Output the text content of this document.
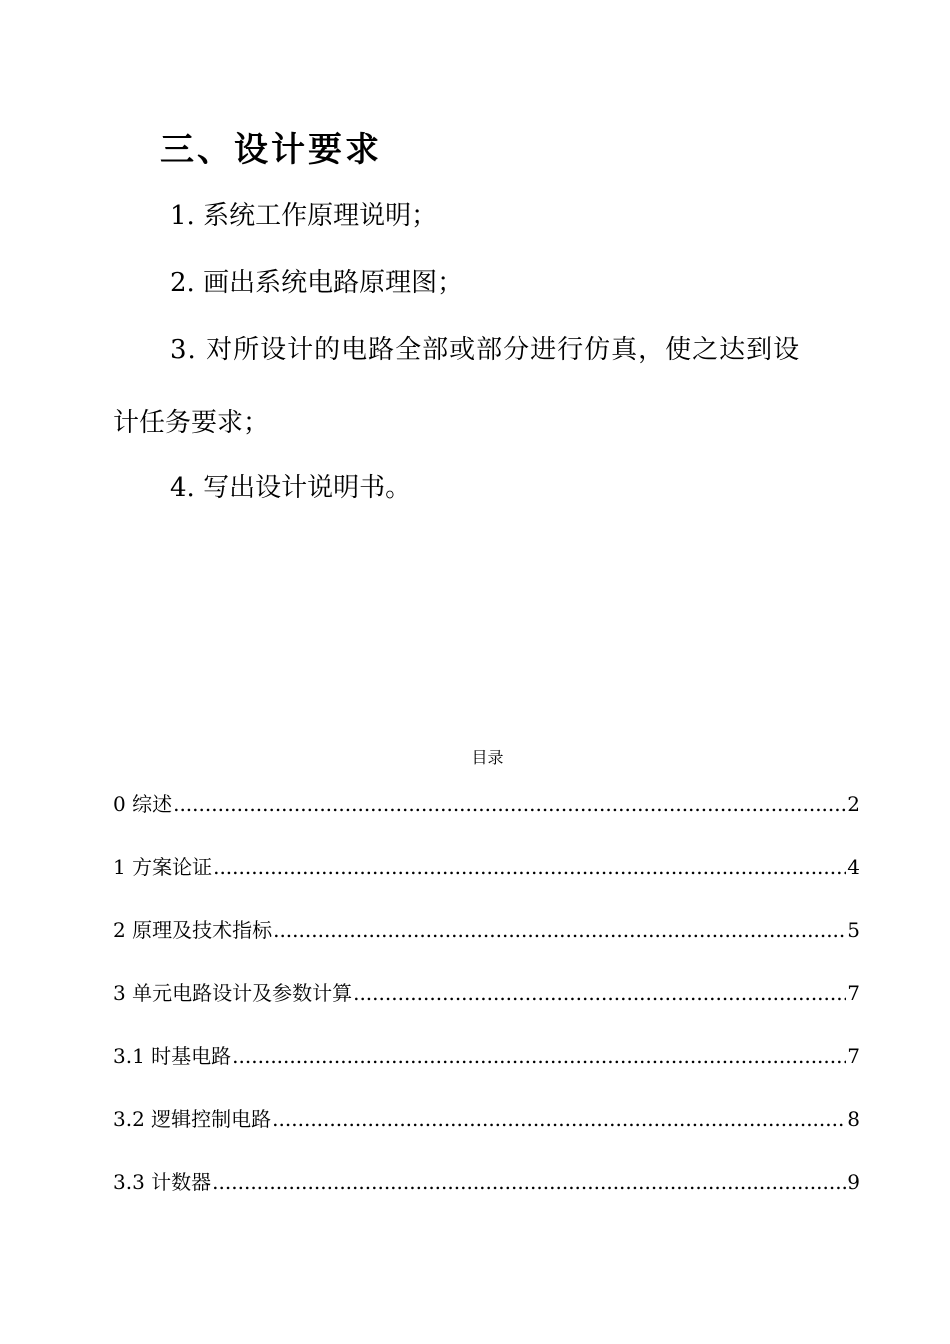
三、设计要求
1. 系统工作原理说明；
2. 画出系统电路原理图；
3. 对所设计的电路全部或部分进行仿真，使之达到设
计任务要求；
4. 写出设计说明书。
目录
0 综述 .....	2
1 方案论证 .....	4
2 原理及技术指标 .....	5
3 单元电路设计及参数计算 .....	7
3.1 时基电路 .....	7
3.2 逻辑控制电路 .....	8
3.3 计数器 .....	9
